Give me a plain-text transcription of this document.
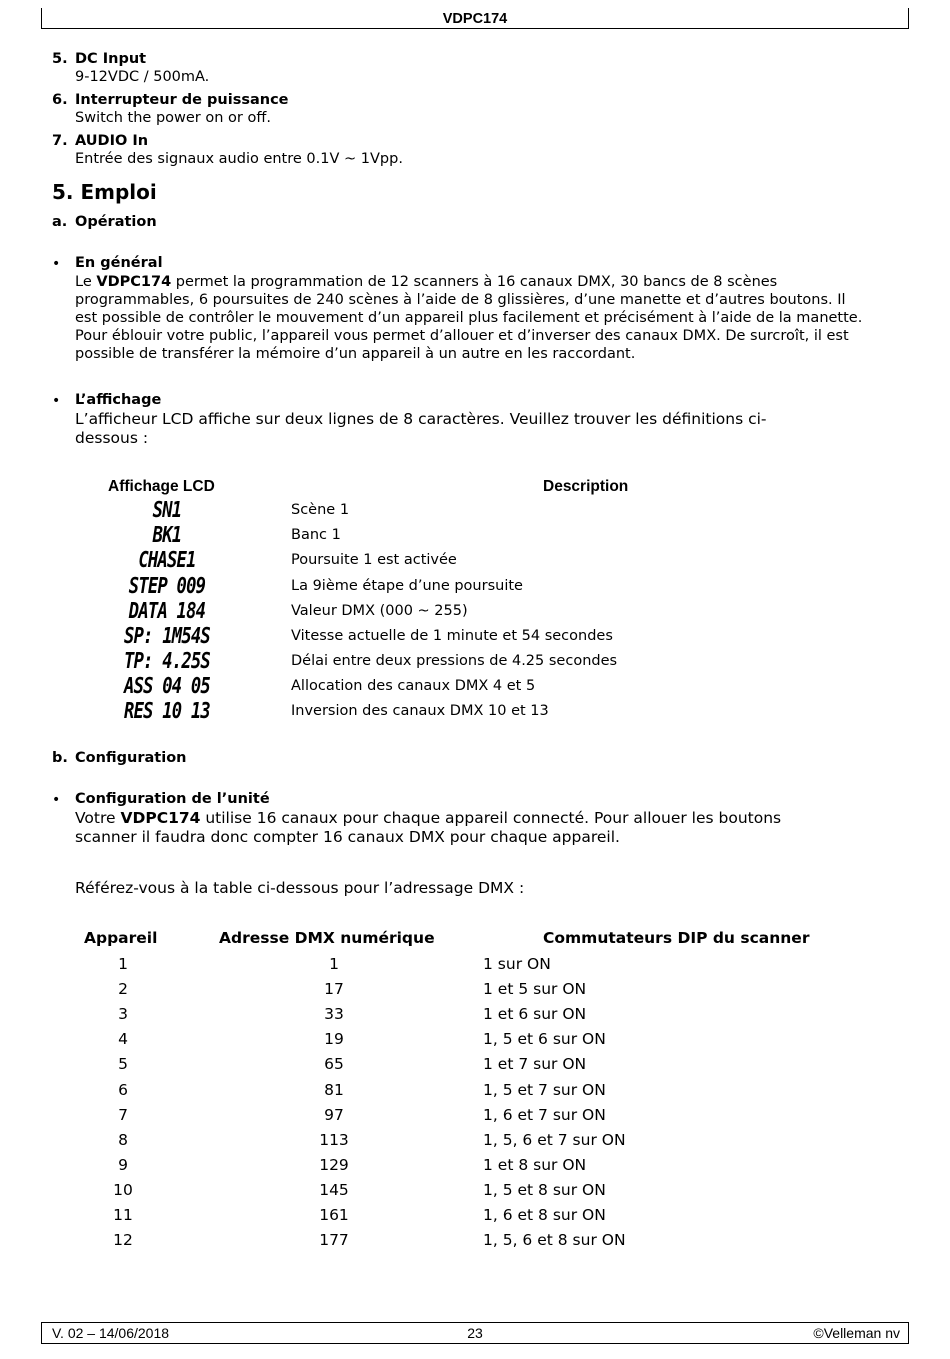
VDPC174
5. DC Input
9-12VDC / 500mA.
6. Interrupteur de puissance
Switch the power on or off.
7. AUDIO In
Entrée des signaux audio entre 0.1V ~ 1Vpp.
5. Emploi
a. Opération
• En général
Le VDPC174 permet la programmation de 12 scanners à 16 canaux DMX, 30 bancs de 8 scènes
programmables, 6 poursuites de 240 scènes à l’aide de 8 glissières, d’une manette et d’autres boutons. Il
est possible de contrôler le mouvement d’un appareil plus facilement et précisément à l’aide de la manette.
Pour éblouir votre public, l’appareil vous permet d’allouer et d’inverser des canaux DMX. De surcroît, il est
possible de transférer la mémoire d’un appareil à un autre en les raccordant.
• L’affichage
L’afficheur LCD affiche sur deux lignes de 8 caractères. Veuillez trouver les définitions ci-
dessous :
Affichage LCD	Description
SN1	Scène 1
BK1	Banc 1
CHASE1	Poursuite 1 est activée
STEP 009	La 9ième étape d’une poursuite
DATA 184	Valeur DMX (000 ~ 255)
SP: 1M54S	Vitesse actuelle de 1 minute et 54 secondes
TP: 4.25S	Délai entre deux pressions de 4.25 secondes
ASS 04 05	Allocation des canaux DMX 4 et 5
RES 10 13	Inversion des canaux DMX 10 et 13
b. Configuration
• Configuration de l’unité
Votre VDPC174 utilise 16 canaux pour chaque appareil connecté. Pour allouer les boutons
scanner il faudra donc compter 16 canaux DMX pour chaque appareil.
Référez-vous à la table ci-dessous pour l’adressage DMX :
Appareil	Adresse DMX numérique	Commutateurs DIP du scanner
1	1	1 sur ON
2	17	1 et 5 sur ON
3	33	1 et 6 sur ON
4	19	1, 5 et 6 sur ON
5	65	1 et 7 sur ON
6	81	1, 5 et 7 sur ON
7	97	1, 6 et 7 sur ON
8	113	1, 5, 6 et 7 sur ON
9	129	1 et 8 sur ON
10	145	1, 5 et 8 sur ON
11	161	1, 6 et 8 sur ON
12	177	1, 5, 6 et 8 sur ON
V. 02 – 14/06/2018	23	©Velleman nv
